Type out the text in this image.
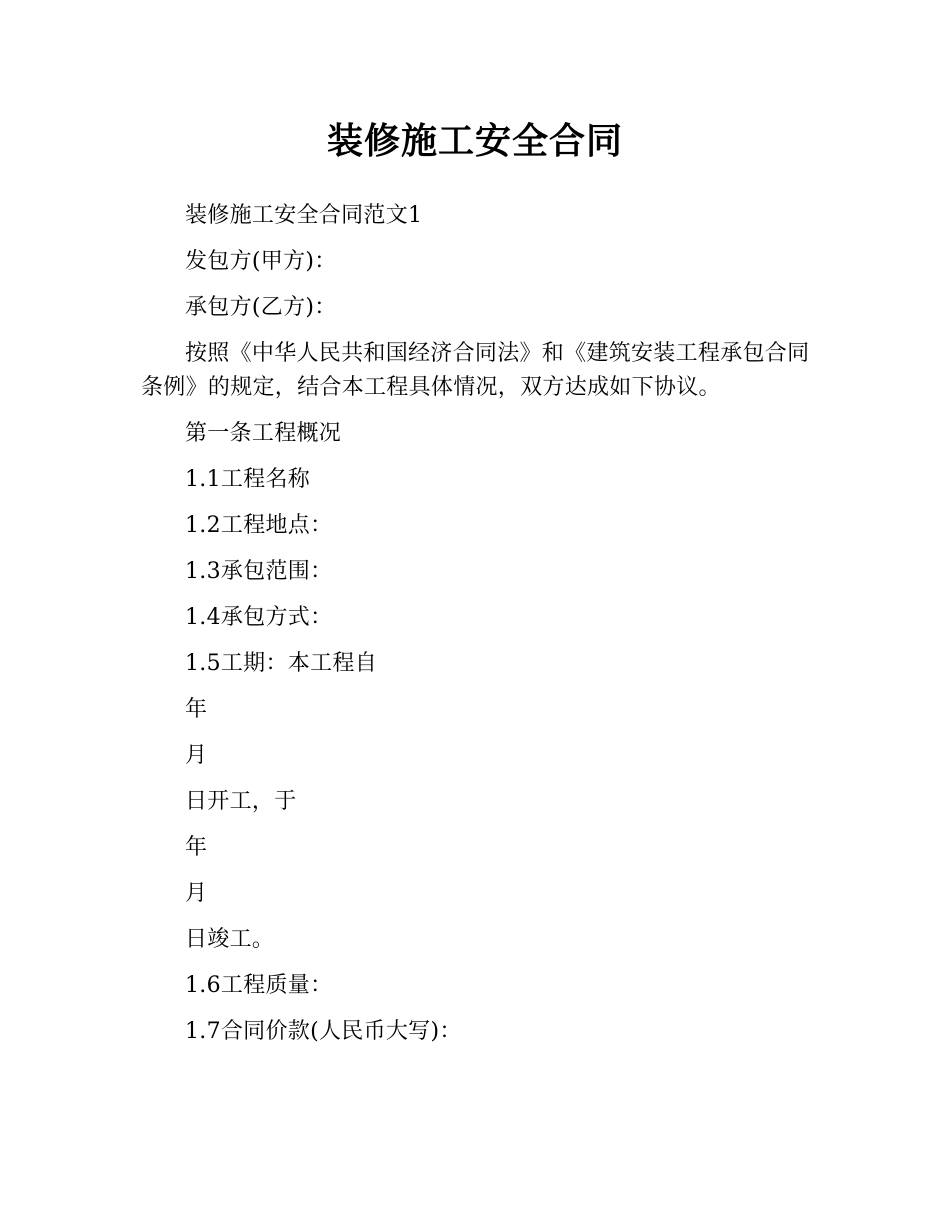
装修施工安全合同

装修施工安全合同范文1

发包方(甲方)：

承包方(乙方)：

按照《中华人民共和国经济合同法》和《建筑安装工程承包合同条例》的规定，结合本工程具体情况，双方达成如下协议。

第一条工程概况

1.1工程名称

1.2工程地点：

1.3承包范围：

1.4承包方式：

1.5工期：本工程自

年

月

日开工，于

年

月

日竣工。

1.6工程质量：

1.7合同价款(人民币大写)：
